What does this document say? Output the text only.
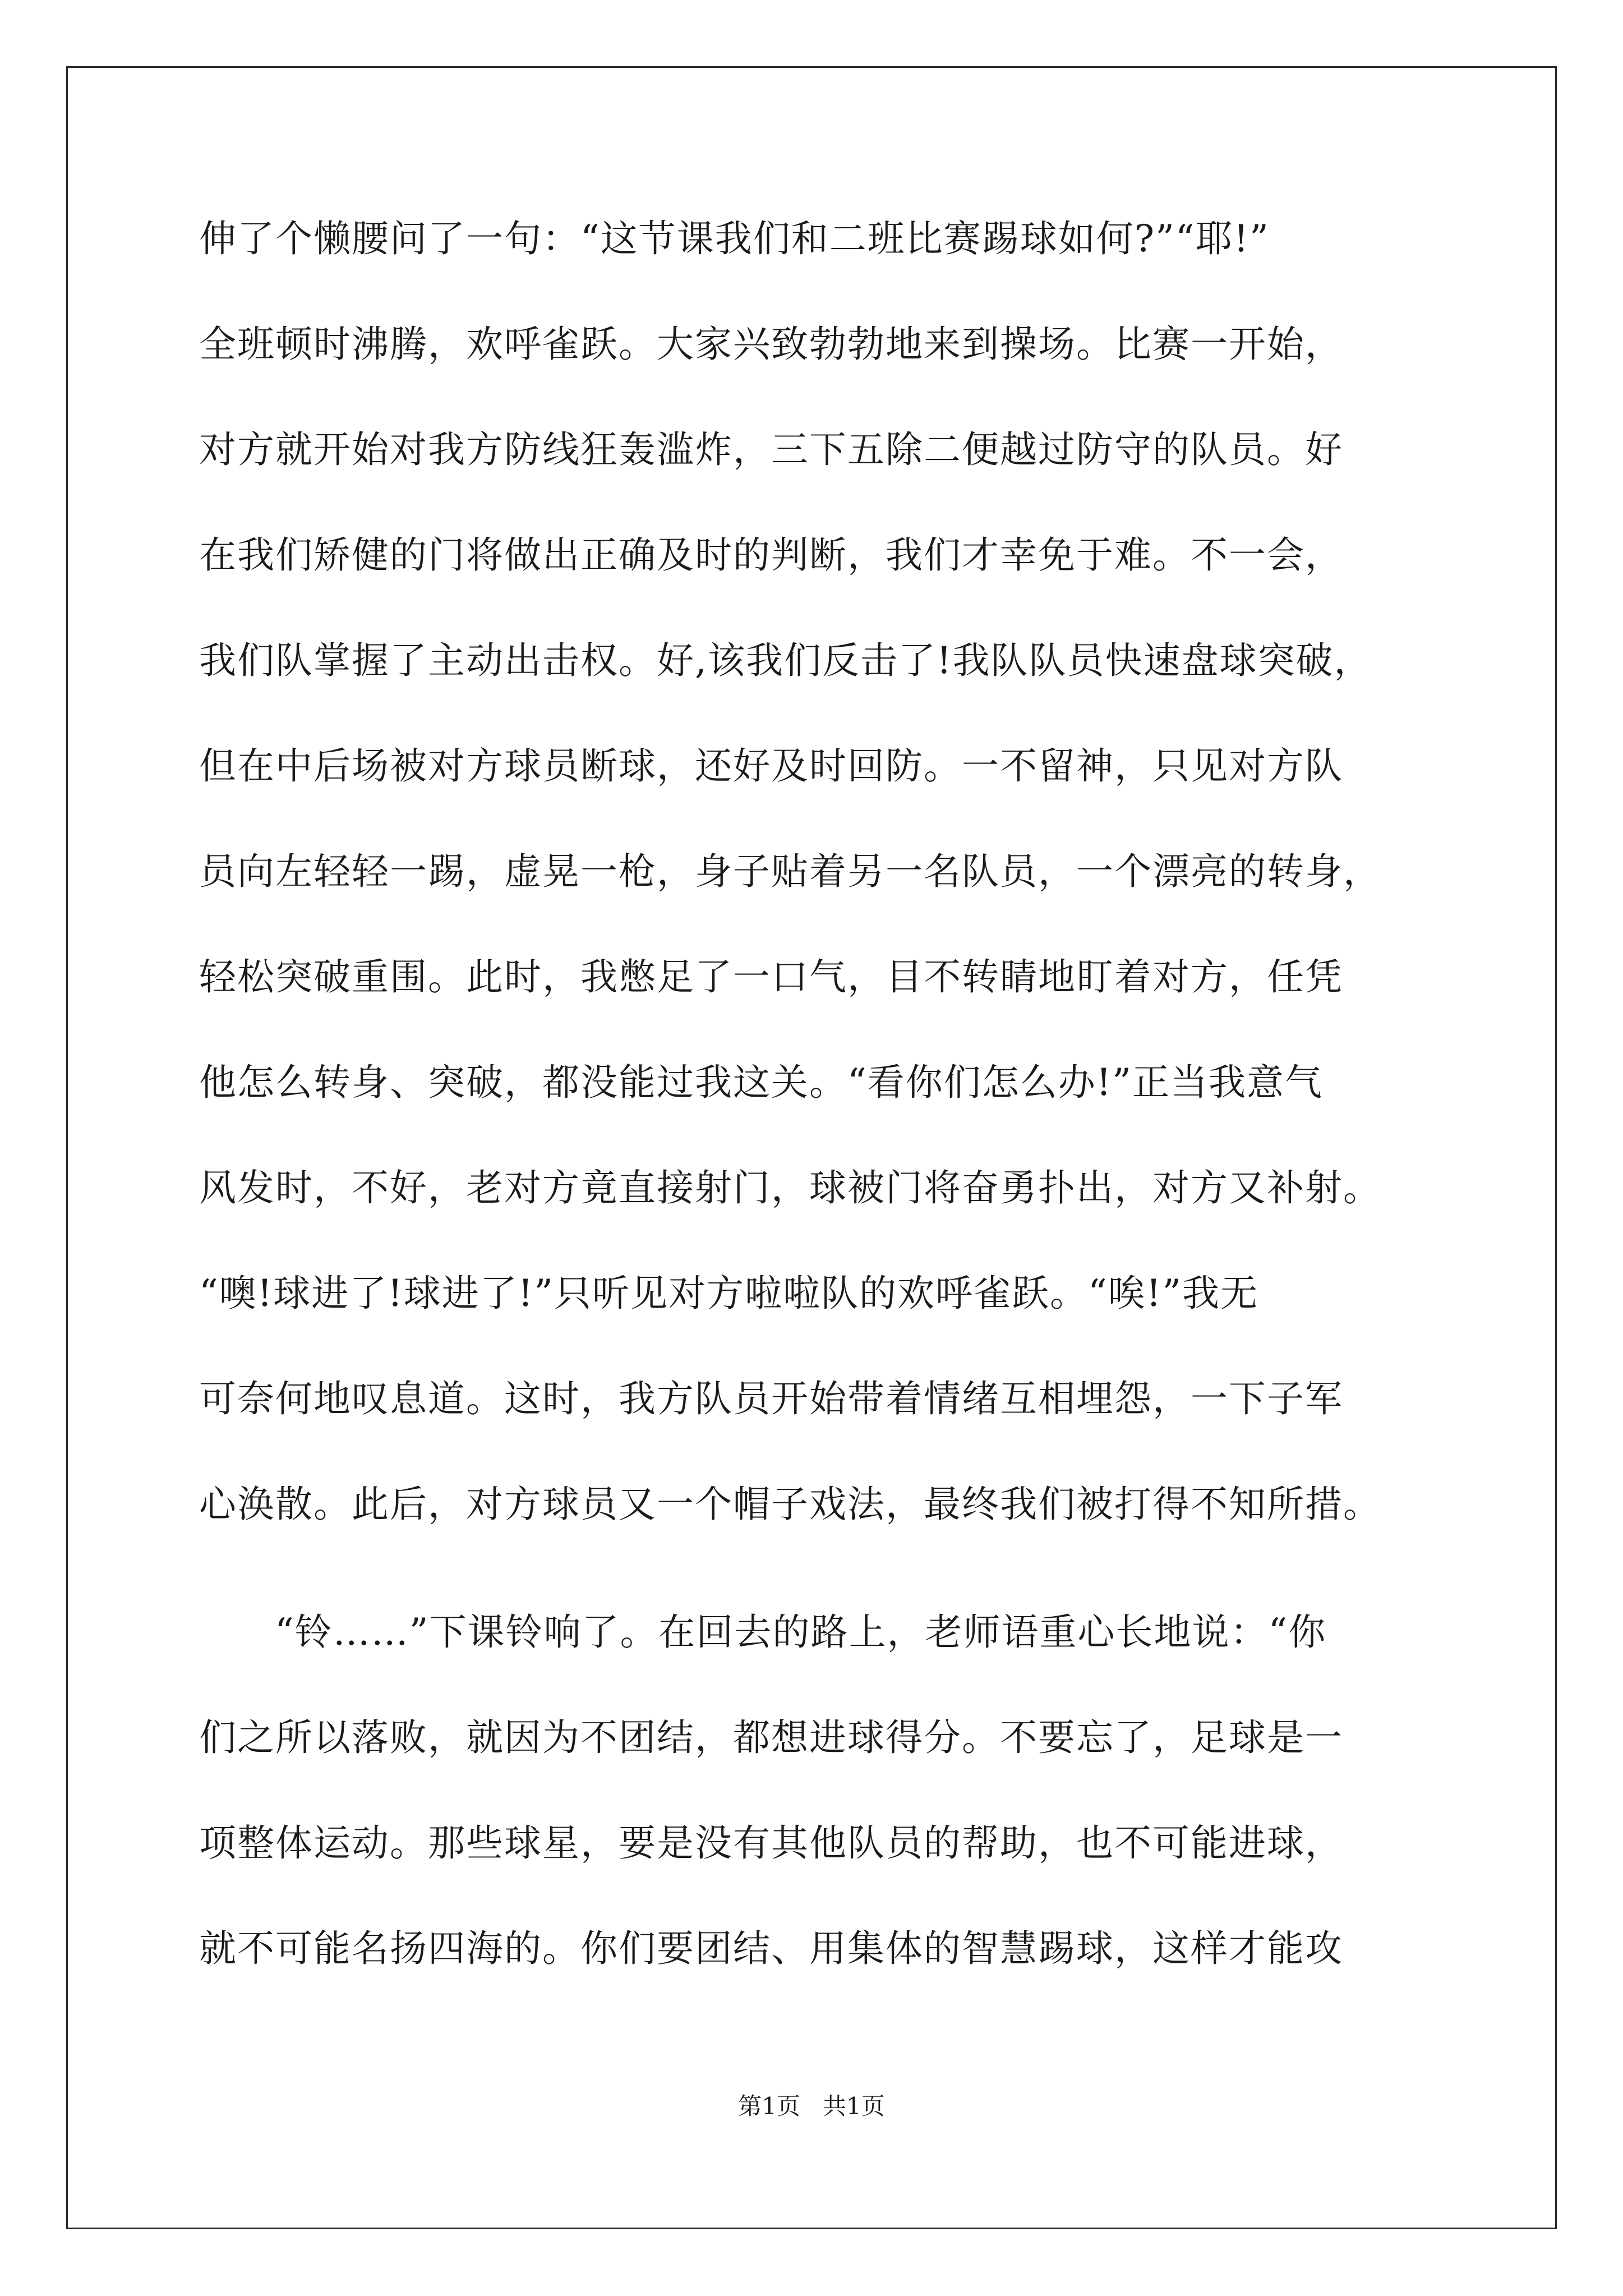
伸了个懒腰问了一句：“这节课我们和二班比赛踢球如何?”“耶!”
全班顿时沸腾，欢呼雀跃。大家兴致勃勃地来到操场。比赛一开始，
对方就开始对我方防线狂轰滥炸，三下五除二便越过防守的队员。好
在我们矫健的门将做出正确及时的判断，我们才幸免于难。不一会，
我们队掌握了主动出击权。好,该我们反击了!我队队员快速盘球突破，
但在中后场被对方球员断球，还好及时回防。一不留神，只见对方队
员向左轻轻一踢，虚晃一枪，身子贴着另一名队员，一个漂亮的转身，
轻松突破重围。此时，我憋足了一口气，目不转睛地盯着对方，任凭
他怎么转身、突破，都没能过我这关。“看你们怎么办!”正当我意气
风发时，不好，老对方竟直接射门，球被门将奋勇扑出，对方又补射。
“噢!球进了!球进了!”只听见对方啦啦队的欢呼雀跃。“唉!”我无
可奈何地叹息道。这时，我方队员开始带着情绪互相埋怨，一下子军
心涣散。此后，对方球员又一个帽子戏法，最终我们被打得不知所措。
“铃……”下课铃响了。在回去的路上，老师语重心长地说：“你
们之所以落败，就因为不团结，都想进球得分。不要忘了，足球是一
项整体运动。那些球星，要是没有其他队员的帮助，也不可能进球，
就不可能名扬四海的。你们要团结、用集体的智慧踢球，这样才能攻
第1页   共1页
